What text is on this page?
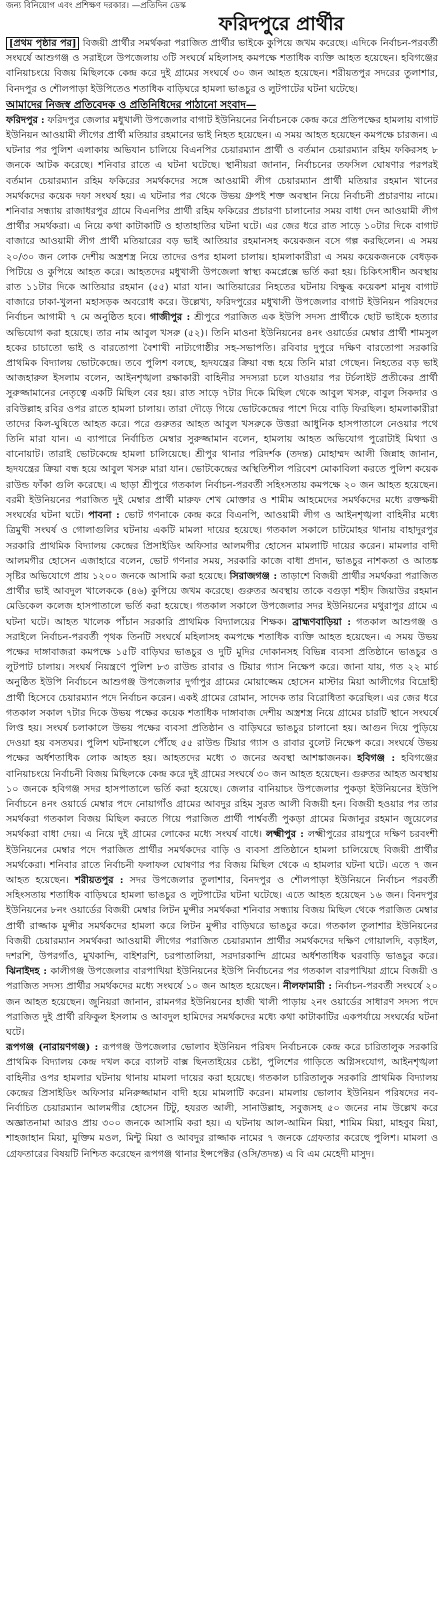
জন্য বিনিয়োগ এবং প্রশিক্ষণ দরকার। —প্রতিদিন ডেস্ক
ফরিদপুরে প্রার্থীর

[প্রথম পৃষ্ঠার পর] বিজয়ী প্রার্থীর সমর্থকরা পরাজিত প্রার্থীর ভাইকে কুপিয়ে জখম করেছে। এদিকে নির্বাচন-পরবর্তী সংঘর্ষে আশুগঞ্জ ও সরাইলে উপজেলায় ৩টি সংঘর্ষে মহিলাসহ কমপক্ষে শতাধিক ব্যক্তি আহত হয়েছেন। হবিগঞ্জের বানিয়াচংয়ে বিজয় মিছিলকে কেন্দ্র করে দুই গ্রামের সংঘর্ষে ৩০ জন আহত হয়েছেন। শরীয়তপুর সদরের তুলাশার, বিনদপুর ও শৌলপাড়া ইউপিতেও শতাধিক বাড়িঘরে হামলা ভাঙচুর ও লুটপাটের ঘটনা ঘটেছে।

আমাদের নিজস্ব প্রতিবেদক ও প্রতিনিধিদের পাঠানো সংবাদ—

ফরিদপুর : ফরিদপুর জেলার মধুখালী উপজেলার বাগাট ইউনিয়নের নির্বাচনকে কেন্দ্র করে প্রতিপক্ষের হামলায় বাগাট ইউনিয়ন আওয়ামী লীগের প্রার্থী মতিয়ার রহমানের ভাই নিহত হয়েছেন। এ সময় আহত হয়েছেন কমপক্ষে চারজন। এ ঘটনার পর পুলিশ এলাকায় অভিযান চালিয়ে বিএনপির চেয়ারম্যান প্রার্থী ও বর্তমান চেয়ারম্যান রহিম ফকিরসহ ৮ জনকে আটক করেছে। শনিবার রাতে এ ঘটনা ঘটেছে। স্থানীয়রা জানান, নির্বাচনের তফসিল ঘোষণার পরপরই বর্তমান চেয়ারম্যান রহিম ফকিরের সমর্থকদের সঙ্গে আওয়ামী লীগ চেয়ারম্যান প্রার্থী মতিয়ার রহমান খানের সমর্থকদের কয়েক দফা সংঘর্ষ হয়। এ ঘটনার পর থেকে উভয় গ্রুপই শক্ত অবস্থান নিয়ে নির্বাচনী প্রচারণায় নামে। শনিবার সন্ধ্যায় রাজাধরপুর গ্রামে বিএনপির প্রার্থী রহিম ফকিরের প্রচারণা চালানোর সময় বাধা দেন আওয়ামী লীগ প্রার্থীর সমর্থকরা। এ নিয়ে কথা কাটাকাটি ও হাতাহাতির ঘটনা ঘটে। এর জের ধরে রাত সাড়ে ১০টার দিকে বাগাট বাজারে আওয়ামী লীগ প্রার্থী মতিয়ারের বড় ভাই আতিয়ার রহমানসহ কয়েকজন বসে গল্প করছিলেন। এ সময় ২০/৩০ জন লোক দেশীয় অস্ত্রশস্ত্র নিয়ে তাদের ওপর হামলা চালায়। হামলাকারীরা এ সময় কয়েকজনকে বেধড়ক পিটিয়ে ও কুপিয়ে আহত করে। আহতদের মধুখালী উপজেলা স্বাস্থ্য কমপ্লেক্সে ভর্তি করা হয়। চিকিৎসাধীন অবস্থায় রাত ১১টার দিকে আতিয়ার রহমান (৫৫) মারা যান। আতিয়ারের নিহতের ঘটনায় বিক্ষুব্ধ কয়েকশ মানুষ বাগাট বাজারে ঢাকা-খুলনা মহাসড়ক অবরোধ করে। উল্লেখ্য, ফরিদপুরের মধুখালী উপজেলার বাগাট ইউনিয়ন পরিষদের নির্বাচন আগামী ৭ মে অনুষ্ঠিত হবে। গাজীপুর : শ্রীপুরে পরাজিত এক ইউপি সদস্য প্রার্থীকে ছোট ভাইকে হত্যার অভিযোগ করা হয়েছে। তার নাম আবুল খসরু (৫২)। তিনি মাওনা ইউনিয়নের ৪নং ওয়ার্ডের মেম্বার প্রার্থী শামসুল হকের চাচাতো ভাই ও বারতোপা বৈশাখী নাট্যগোষ্ঠীর সহ-সভাপতি। রবিবার দুপুরে দক্ষিণ বারতোপা সরকারি প্রাথমিক বিদ্যালয় ভোটকেন্দ্রে। তবে পুলিশ বলছে, হৃদযন্ত্রের ক্রিয়া বন্ধ হয়ে তিনি মারা গেছেন। নিহতের বড় ভাই আজহারুল ইসলাম বলেন, আইনশৃঙ্খলা রক্ষাকারী বাহিনীর সদস্যরা চলে যাওয়ার পর টর্চলাইট প্রতীকের প্রার্থী সুরুজ্জামানের নেতৃত্বে একটি মিছিল বের হয়। রাত সাড়ে ৭টার দিকে মিছিল থেকে আবুল খসরু, বাবুল সিকদার ও রবিউল্লাহ রবির ওপর রাতে হামলা চালায়। তারা দৌড়ে গিয়ে ভোটকেন্দ্রের পাশে দিয়ে বাড়ি ফিরছিল। হামলাকারীরা তাদের কিল-ঘুষিতে আহত করে। পরে গুরুতর আহত আবুল খসরুকে উত্তরা আধুনিক হাসপাতালে নেওয়ার পথে তিনি মারা যান। এ ব্যাপারে নির্বাচিত মেম্বার সুরুজ্জামান বলেন, হামলায় আহত অভিযোগ পুরোটাই মিথ্যা ও বানোয়াট। তারাই ভোটকেন্দ্রে হামলা চালিয়েছে। শ্রীপুর থানার পরিদর্শক (তদন্ত) মোহাম্মদ আলী জিন্নাহ জানান, হৃদযন্ত্রের ক্রিয়া বন্ধ হয়ে আবুল খসরু মারা যান। ভোটকেন্দ্রের অস্থিতিশীল পরিবেশ মোকাবিলা করতে পুলিশ কয়েক রাউন্ড ফাঁকা গুলি করেছে। এ ছাড়া শ্রীপুরে গতকাল নির্বাচন-পরবর্তী সহিংসতায় কমপক্ষে ২০ জন আহত হয়েছেন। বরমী ইউনিয়নের পরাজিত দুই মেম্বার প্রার্থী মারুফ শেখ মোক্তার ও শামীম আহমেদের সমর্থকদের মধ্যে রক্তক্ষয়ী সংঘর্ষের ঘটনা ঘটে। পাবনা : ভোট গণনাকে কেন্দ্র করে বিএনপি, আওয়ামী লীগ ও আইনশৃঙ্খলা বাহিনীর মধ্যে ত্রিমুখী সংঘর্ষ ও গোলাগুলির ঘটনায় একটি মামলা দায়ের হয়েছে। গতকাল সকালে চাটমোহর থানায় বাহাদুরপুর সরকারি প্রাথমিক বিদ্যালয় কেন্দ্রের প্রিসাইডিং অফিসার আলমগীর হোসেন মামলাটি দায়ের করেন। মামলার বাদী আলমগীর হোসেন এজাহারে বলেন, ভোট গণনার সময়, সরকারি কাজে বাধা প্রদান, ভাঙচুর নাশকতা ও আতঙ্ক সৃষ্টির অভিযোগে প্রায় ১২০০ জনকে আসামি করা হয়েছে। সিরাজগঞ্জ : তাড়াশে বিজয়ী প্রার্থীর সমর্থকরা পরাজিত প্রার্থীর ভাই আবদুল খালেককে (৪৬) কুপিয়ে জখম করেছে। গুরুতর অবস্থায় তাকে বগুড়া শহীদ জিয়াউর রহমান মেডিকেল কলেজ হাসপাতালে ভর্তি করা হয়েছে। গতকাল সকালে উপজেলার সদর ইউনিয়নের মথুরাপুর গ্রামে এ ঘটনা ঘটে। আহত খালেক পাঁচান সরকারি প্রাথমিক বিদ্যালয়ের শিক্ষক। ব্রাহ্মণবাড়িয়া : গতকাল আশুগঞ্জ ও সরাইলে নির্বাচন-পরবর্তী পৃথক তিনটি সংঘর্ষে মহিলাসহ কমপক্ষে শতাধিক ব্যক্তি আহত হয়েছেন। এ সময় উভয় পক্ষের দাঙ্গাবাজরা কমপক্ষে ১৫টি বাড়িঘর ভাঙচুর ও দুটি মুদির দোকানসহ বিভিন্ন ব্যবসা প্রতিষ্ঠানে ভাঙচুর ও লুটপাট চালায়। সংঘর্ষ নিয়ন্ত্রণে পুলিশ ৮৩ রাউন্ড রাবার ও টিয়ার গ্যাস নিক্ষেপ করে। জানা যায়, গত ২২ মার্চ অনুষ্ঠিত ইউপি নির্বাচনে আশুগঞ্জ উপজেলার দুর্গাপুর গ্রামের মোয়াজ্জেম হোসেন মাস্টার মিয়া আলীগের বিদ্রোহী প্রার্থী হিসেবে চেয়ারম্যান পদে নির্বাচন করেন। একই গ্রামের রোমান, সাদেক তার বিরোধিতা করেছিল। এর জের ধরে গতকাল সকাল ৭টার দিকে উভয় পক্ষের কয়েক শতাধিক দাঙ্গাবাজ দেশীয় অস্ত্রশস্ত্র নিয়ে গ্রামের চারটি স্থানে সংঘর্ষে লিপ্ত হয়। সংঘর্ষ চলাকালে উভয় পক্ষের ব্যবসা প্রতিষ্ঠান ও বাড়িঘরে ভাঙচুর চালানো হয়। আগুন দিয়ে পুড়িয়ে দেওয়া হয় বসতঘর। পুলিশ ঘটনাস্থলে পৌঁছে ৫৫ রাউন্ড টিয়ার গ্যাস ও রাবার বুলেট নিক্ষেপ করে। সংঘর্ষে উভয় পক্ষের অর্ধশতাধিক লোক আহত হয়। আহতদের মধ্যে ৩ জনের অবস্থা আশঙ্কাজনক। হবিগঞ্জ : হবিগঞ্জের বানিয়াচংয়ে নির্বাচনী বিজয় মিছিলকে কেন্দ্র করে দুই গ্রামের সংঘর্ষে ৩০ জন আহত হয়েছেন। গুরুতর আহত অবস্থায় ১০ জনকে হবিগঞ্জ সদর হাসপাতালে ভর্তি করা হয়েছে। জেলার বানিয়াচং উপজেলার পুকড়া ইউনিয়নের ইউপি নির্বাচনে ৪নং ওয়ার্ডে মেম্বার পদে নোয়াগাঁও গ্রামের আবদুর রহিম সুরত আলী বিজয়ী হন। বিজয়ী হওয়ার পর তার সমর্থকরা গতকাল বিজয় মিছিল করতে গিয়ে পরাজিত প্রার্থী পার্শ্ববর্তী পুকড়া গ্রামের মিজানুর রহমান জুয়েলের সমর্থকরা বাধা দেয়। এ নিয়ে দুই গ্রামের লোকের মধ্যে সংঘর্ষ বাধে। লক্ষ্মীপুর : লক্ষ্মীপুরের রায়পুরে দক্ষিণ চরবংশী ইউনিয়নের মেম্বার পদে পরাজিত প্রার্থীর সমর্থকদের বাড়ি ও ব্যবসা প্রতিষ্ঠানে হামলা চালিয়েছে বিজয়ী প্রার্থীর সমর্থকেরা। শনিবার রাতে নির্বাচনী ফলাফল ঘোষণার পর বিজয় মিছিল থেকে এ হামলার ঘটনা ঘটে। এতে ৭ জন আহত হয়েছেন। শরীয়তপুর : সদর উপজেলার তুলাশার, বিনদপুর ও শৌলপাড়া ইউনিয়নে নির্বাচন পরবর্তী সহিংসতায় শতাধিক বাড়িঘরে হামলা ভাঙচুর ও লুটপাটের ঘটনা ঘটেছে। এতে আহত হয়েছেন ১৬ জন। বিনদপুর ইউনিয়নের ৮নং ওয়ার্ডের বিজয়ী মেম্বার লিটন মুন্সীর সমর্থকরা শনিবার সন্ধ্যায় বিজয় মিছিল থেকে পরাজিত মেম্বার প্রার্থী রাজ্জাক মুন্সীর সমর্থকদের হামলা করে লিটন মুন্সীর বাড়িঘরে ভাঙচুর করে। গতকাল তুলাশার ইউনিয়নের বিজয়ী চেয়ারম্যান সমর্থকরা আওয়ামী লীগের পরাজিত চেয়ারম্যান প্রার্থীর সমর্থকদের দক্ষিণ গোয়ালদি, বড়াইল, দশরশি, উপরগাঁও, মুখকান্দি, বাইশরশি, চরপাতালিয়া, সরদারকান্দি গ্রামের অর্ধশতাধিক ঘরবাড়ি ভাঙচুর করে। ঝিনাইদহ : কালীগঞ্জ উপজেলার বারপাখিয়া ইউনিয়নের ইউপি নির্বাচনের পর গতকাল বারপাখিয়া গ্রামে বিজয়ী ও পরাজিত সদস্য প্রার্থীর সমর্থকদের মধ্যে সংঘর্ষে ১০ জন আহত হয়েছেন। নীলফামারী : নির্বাচন-পরবর্তী সংঘর্ষে ২০ জন আহত হয়েছেন। জুনিয়রা জানান, রামনগর ইউনিয়নের হাজী খালী পাড়ায় ২নং ওয়ার্ডের সাধারণ সদস্য পদে পরাজিত দুই প্রার্থী রফিকুল ইসলাম ও আবদুল হামিদের সমর্থকদের মধ্যে কথা কাটাকাটির একপর্যায়ে সংঘর্ষের ঘটনা ঘটে।

রূপগঞ্জ (নারায়ণগঞ্জ) : রূপগঞ্জ উপজেলার ভোলাব ইউনিয়ন পরিষদ নির্বাচনকে কেন্দ্র করে চারিতালুক সরকারি প্রাথমিক বিদ্যালয় কেন্দ্র দখল করে ব্যালট বাক্স ছিনতাইয়ের চেষ্টা, পুলিশের গাড়িতে অগ্নিসংযোগ, আইনশৃঙ্খলা বাহিনীর ওপর হামলার ঘটনায় থানায় মামলা দায়ের করা হয়েছে। গতকাল চারিতালুক সরকারি প্রাথমিক বিদ্যালয় কেন্দ্রের প্রিসাইডিং অফিসার মনিরুজ্জামান বাদী হয়ে মামলাটি করেন। মামলায় ভোলাব ইউনিয়ন পরিষদের নব-নির্বাচিত চেয়ারম্যান আলমগীর হোসেন টিটু, হযরত আলী, সানাউল্লাহ, সবুজসহ ৫০ জনের নাম উল্লেখ করে অজ্ঞাতনামা আরও প্রায় ৩০০ জনকে আসামি করা হয়। এ ঘটনায় আল-আমিন মিয়া, শামিম মিয়া, মাহবুব মিয়া, শাহজাহান মিয়া, মুক্তিম মওল, মিন্টু মিয়া ও আবদুর রাজ্জাক নামের ৭ জনকে গ্রেফতার করেছে পুলিশ। মামলা ও গ্রেফতারের বিষয়টি নিশ্চিত করেছেন রূপগঞ্জ থানার ইন্সপেক্টর (ওসি/তদন্ত) এ বি এম মেহেদী মাসুদ।
